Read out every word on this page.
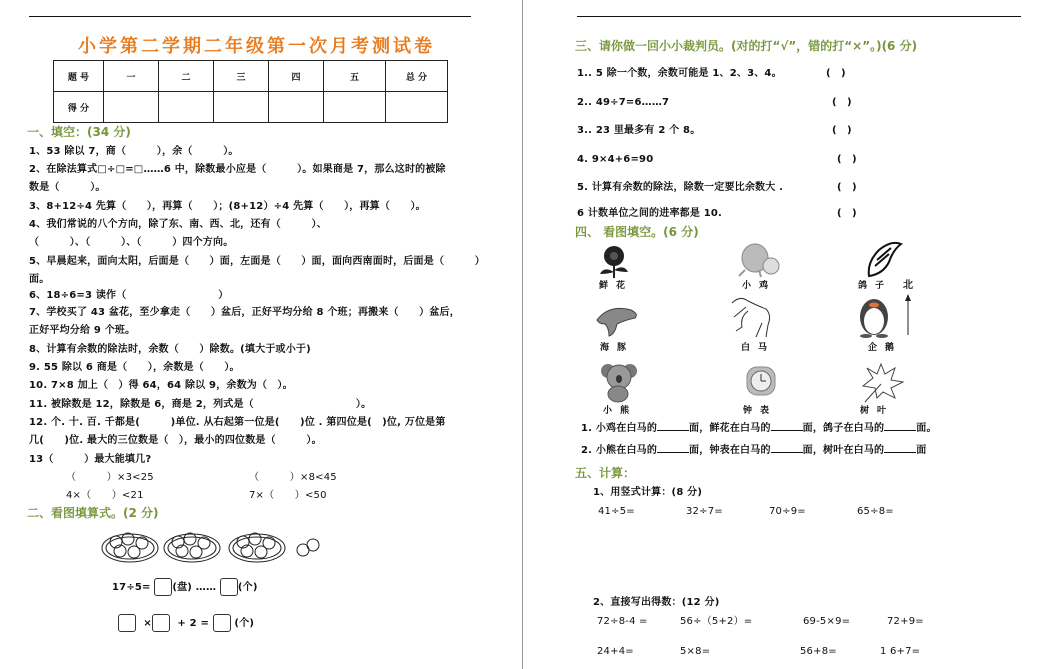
小学第二学期二年级第一次月考测试卷
题 号	一	二	三	四	五	总 分
得 分						
一、填空：(34 分)
1、53 除以 7，商（　　　），余（　　　）。
2、在除法算式□÷□=□……6 中，除数最小应是（　　　）。如果商是 7，那么这时的被除
数是（　　　）。
3、8+12÷4 先算（　　），再算（　　）；(8+12）÷4 先算（　　），再算（　　）。
4、我们常说的八个方向，除了东、南、西、北，还有（　　　）、
（　　　）、（　　　）、（　　　）四个方向。
5、早晨起来，面向太阳，后面是（　　）面，左面是（　　）面，面向西南面时，后面是（　　　）
面。
6、18÷6=3 读作（　　　　　　　　　）
7、学校买了 43 盆花，至少拿走（　　）盆后，正好平均分给 8 个班；再搬来（　　）盆后，
正好平均分给 9 个班。
8、计算有余数的除法时，余数（　　）除数。(填大于或小于)
9. 55 除以 6 商是（　　），余数是（　　）。
10. 7×8 加上（　）得 64，64 除以 9，余数为（　）。
11. 被除数是 12，除数是 6，商是 2，列式是（　　　　　　　　　　）。
12. 个. 十. 百. 千都是(　　　)单位. 从右起第一位是(　　)位 . 第四位是(　)位, 万位是第
几(　　)位. 最大的三位数是（　），最小的四位数是（　　　）。
13（　　　）最大能填几?
（　　　）×3<25	（　　　）×8<45
4×（　　）<21	7×（　　）<50
二、看图填算式。(2 分)
17÷5= (盘) …… (个)
×	+ 2 =	(个)
三、请你做一回小小裁判员。(对的打“√”，错的打“×”。)(6 分)
1.. 5 除一个数，余数可能是 1、2、3、4。	(　)
2.. 49÷7=6……7	(　)
3.. 23 里最多有 2 个 8。	(　)
4. 9×4+6=90	(　)
5. 计算有余数的除法，除数一定要比余数大 .	(　)
6 计数单位之间的进率都是 10.	(　)
四、 看图填空。(6 分)
鲜花	小鸡	鸽子 北
海豚	白马	企鹅
小熊	钟表	树叶
1. 小鸡在白马的	面，鲜花在白马的	面，鸽子在白马的	面。
2. 小熊在白马的	面，钟表在白马的	面，树叶在白马的	面
五、计算：
1、用竖式计算：(8 分)
41÷5=	32÷7=	70÷9=	65÷8=
2、直接写出得数：(12 分)
72÷8-4 =	56÷（5+2）=	69-5×9=	72+9=
24+4=	5×8=	56+8=	1 6+7=
